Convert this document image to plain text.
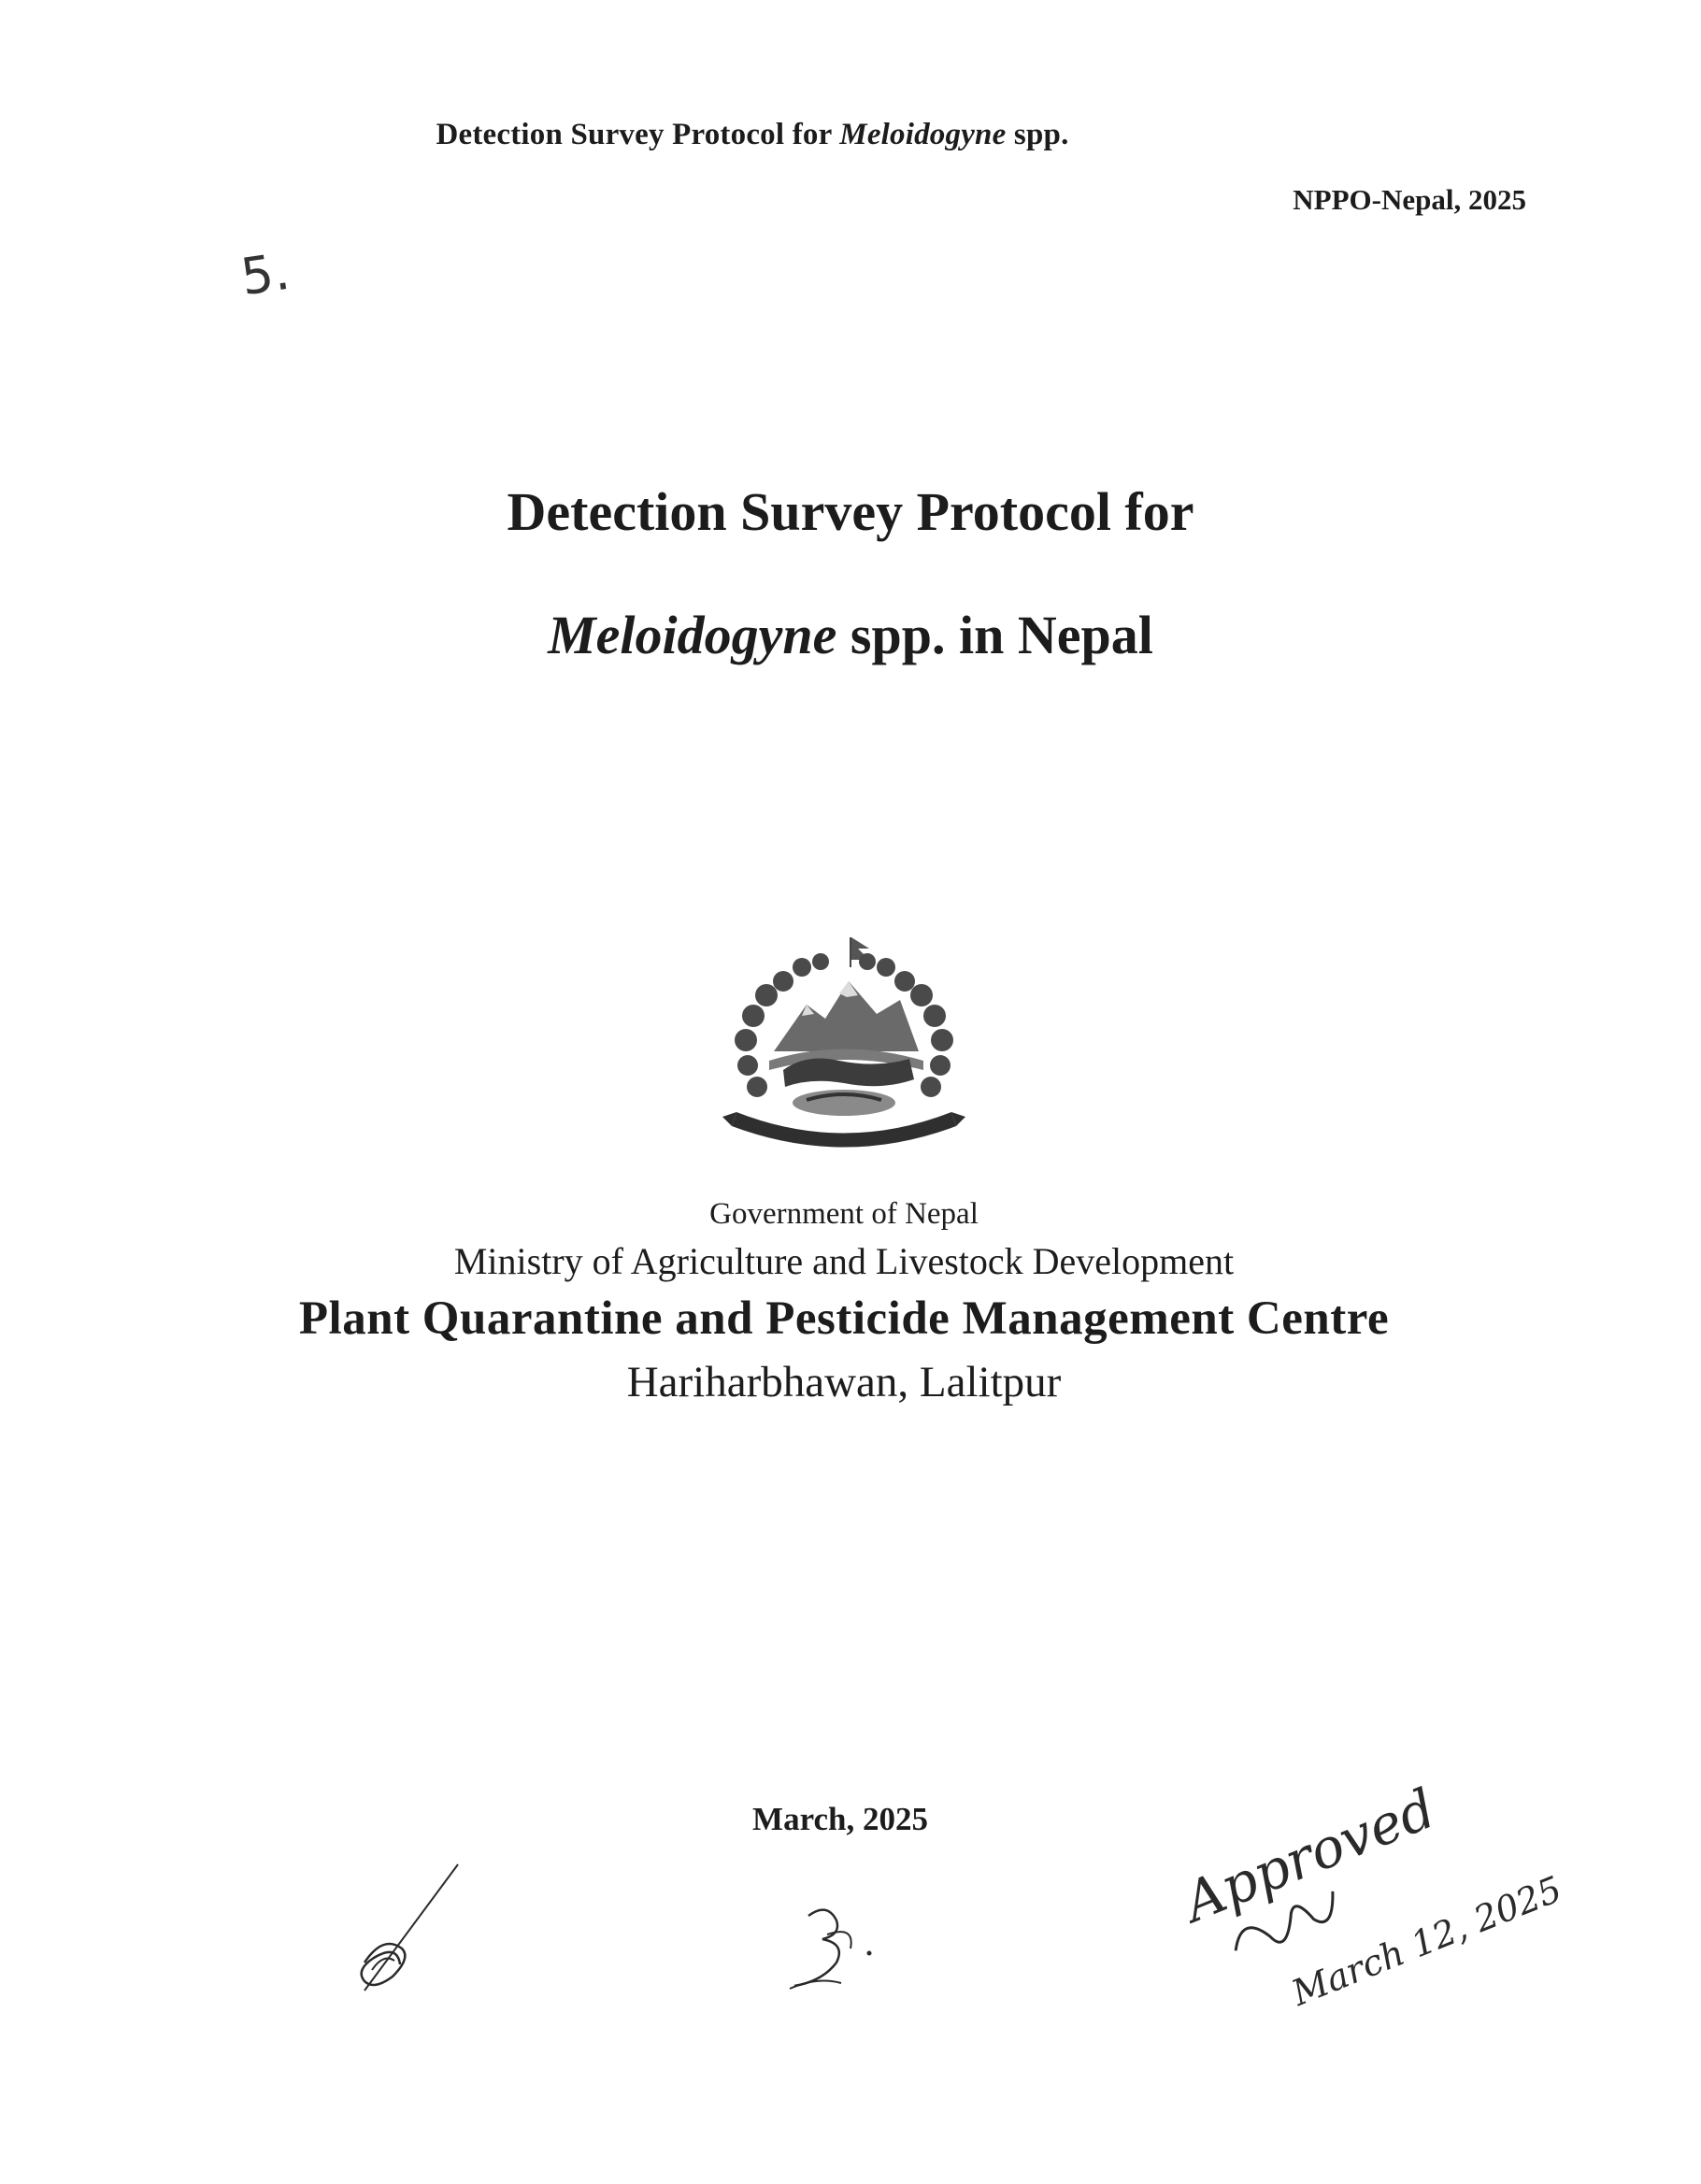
Detection Survey Protocol for Meloidogyne spp.
NPPO-Nepal, 2025
5.
Detection Survey Protocol for
Meloidogyne spp. in Nepal
Government of Nepal
Ministry of Agriculture and Livestock Development
Plant Quarantine and Pesticide Management Centre
Hariharbhawan, Lalitpur
March, 2025	Approved
March 12, 2025
